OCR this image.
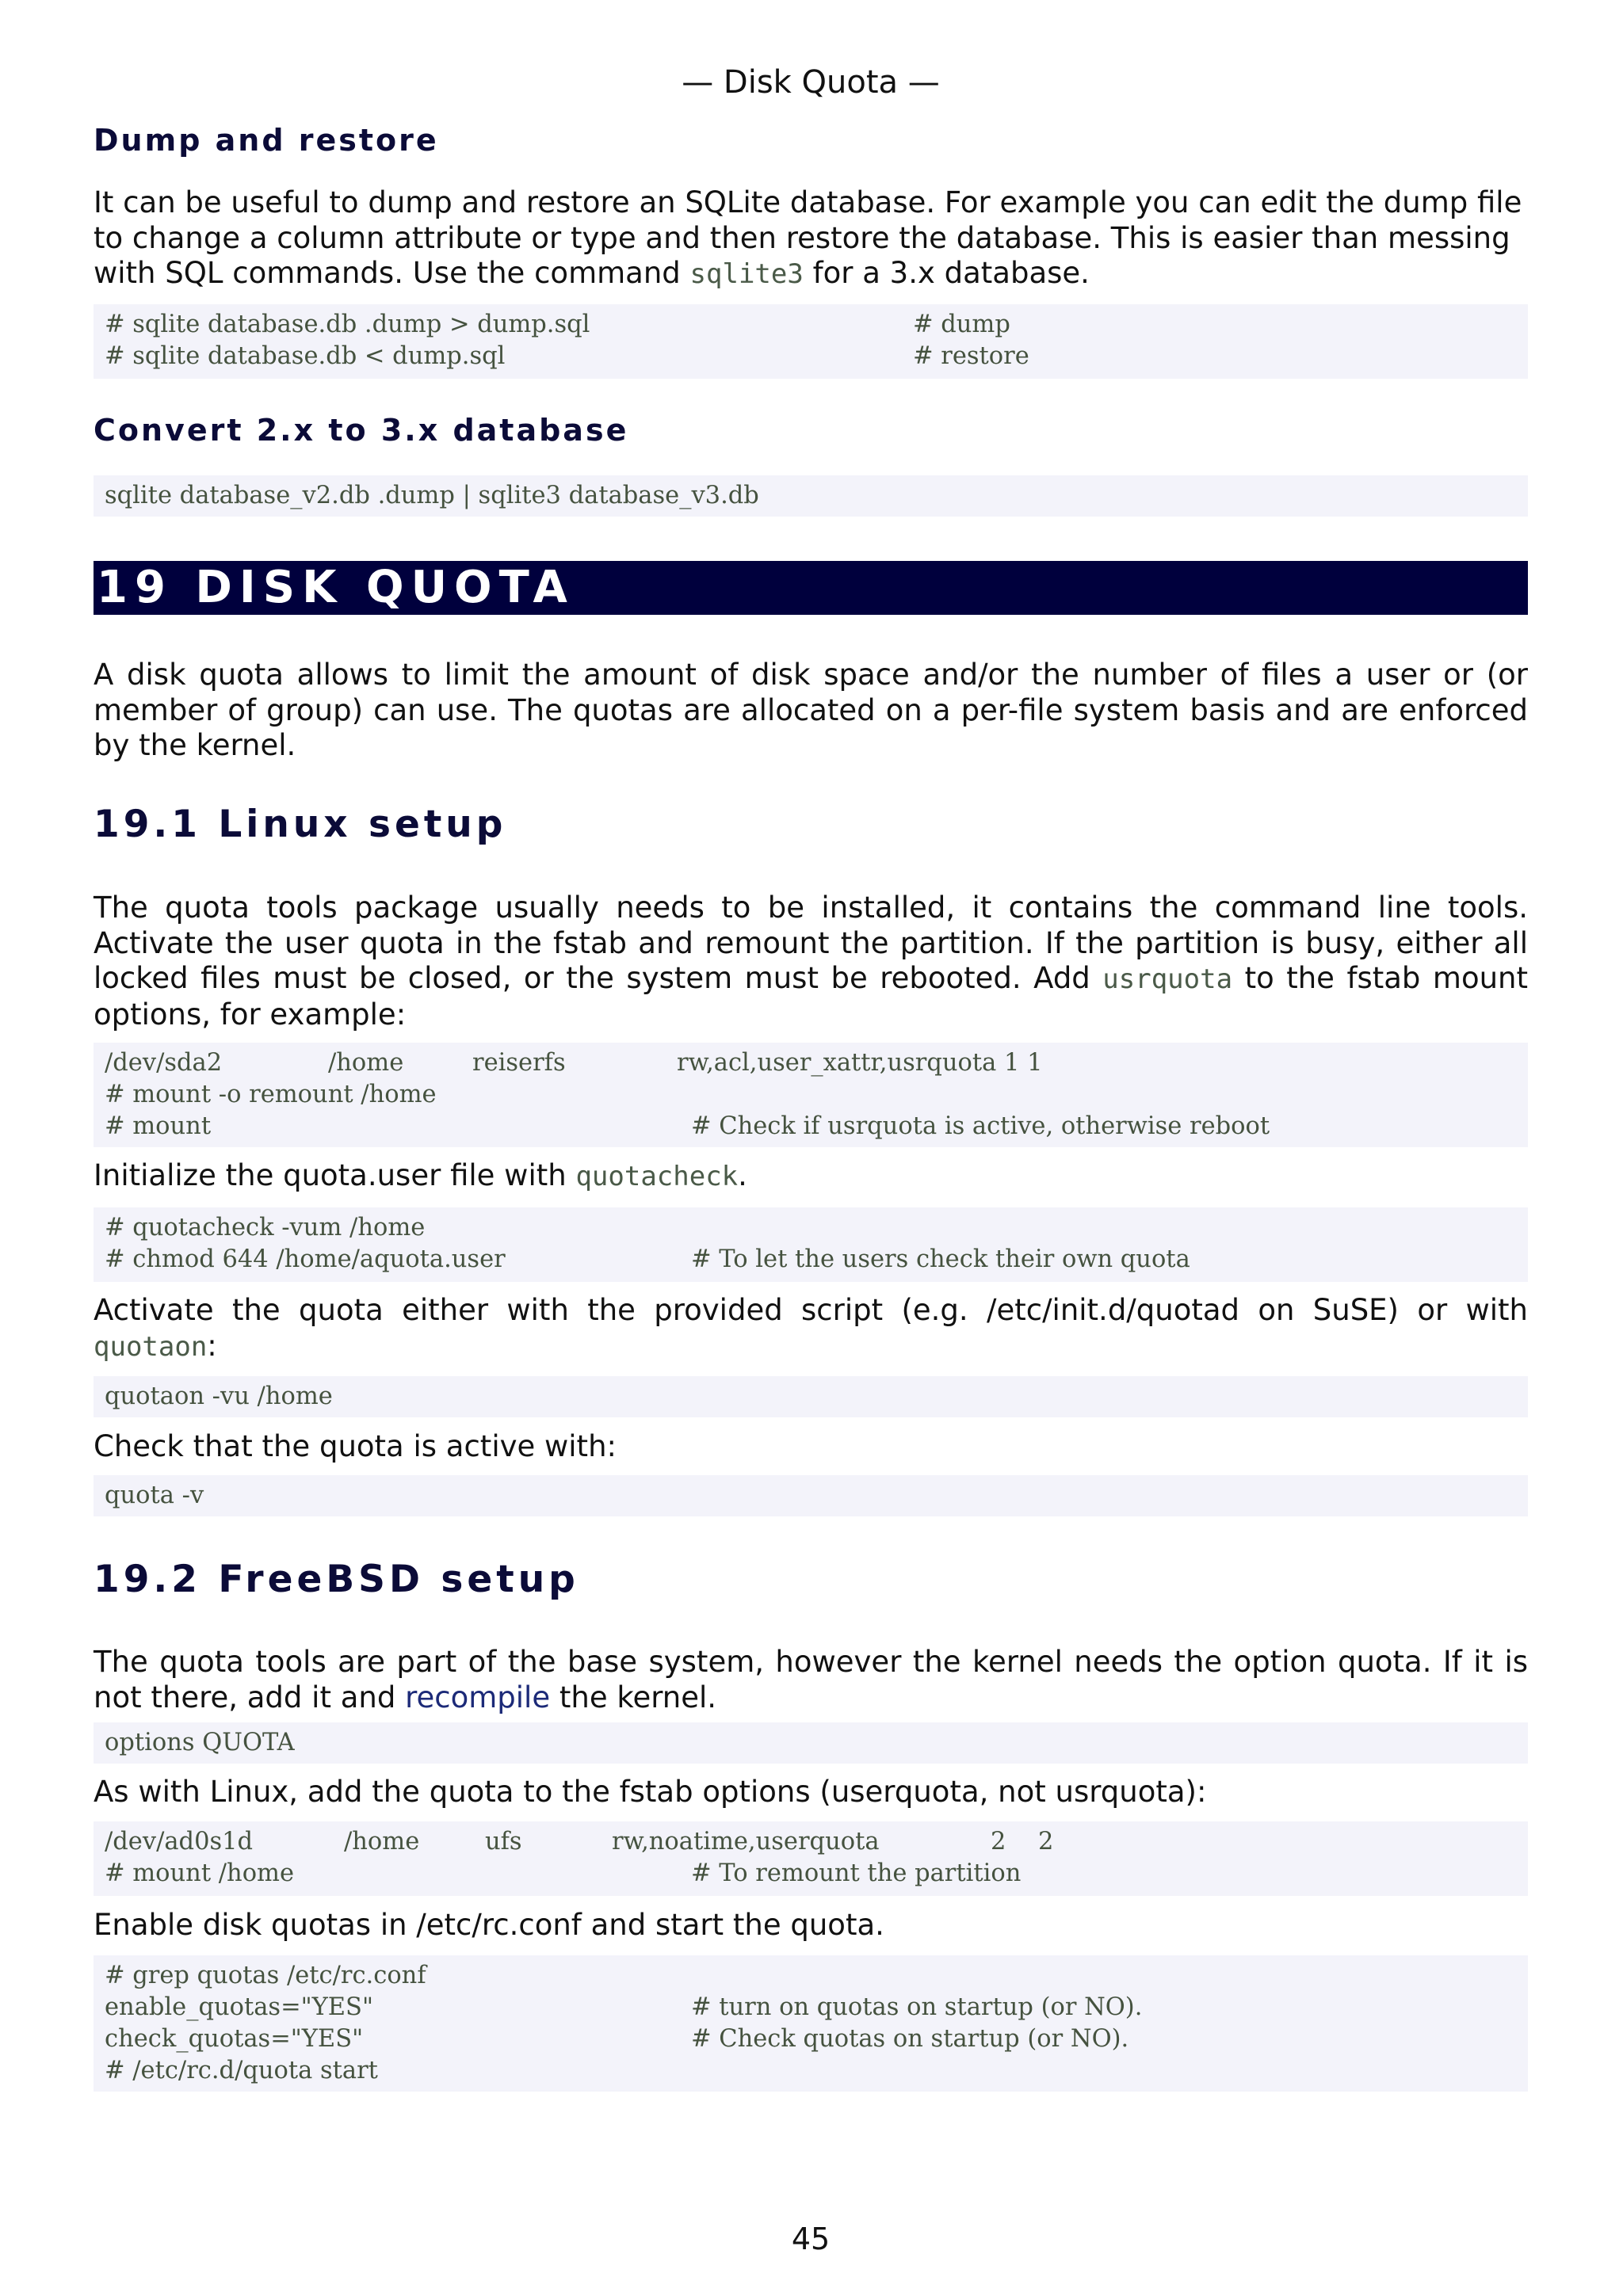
— Disk Quota —
Dump and restore

It can be useful to dump and restore an SQLite database. For example you can edit the dump file to change a column attribute or type and then restore the database. This is easier than messing with SQL commands. Use the command sqlite3 for a 3.x database.

# sqlite database.db .dump > dump.sql	# dump
# sqlite database.db < dump.sql	# restore
Convert 2.x to 3.x database
sqlite database_v2.db .dump | sqlite3 database_v3.db
19 DISK QUOTA

A disk quota allows to limit the amount of disk space and/or the number of files a user or (or member of group) can use. The quotas are allocated on a per-file system basis and are enforced by the kernel.

19.1 Linux setup

The quota tools package usually needs to be installed, it contains the command line tools. Activate the user quota in the fstab and remount the partition. If the partition is busy, either all locked files must be closed, or the system must be rebooted. Add usrquota to the fstab mount options, for example:

/dev/sda2	/home	reiserfs	rw,acl,user_xattr,usrquota 1 1
# mount -o remount /home
# mount	# Check if usrquota is active, otherwise reboot

Initialize the quota.user file with quotacheck.

# quotacheck -vum /home
# chmod 644 /home/aquota.user	# To let the users check their own quota

Activate the quota either with the provided script (e.g. /etc/init.d/quotad on SuSE) or with quotaon:

quotaon -vu /home

Check that the quota is active with:

quota -v
19.2 FreeBSD setup

The quota tools are part of the base system, however the kernel needs the option quota. If it is not there, add it and recompile the kernel.

options QUOTA

As with Linux, add the quota to the fstab options (userquota, not usrquota):

/dev/ad0s1d	/home	ufs	rw,noatime,userquota	2 2
# mount /home	# To remount the partition

Enable disk quotas in /etc/rc.conf and start the quota.

# grep quotas /etc/rc.conf
enable_quotas="YES"	# turn on quotas on startup (or NO).
check_quotas="YES"	# Check quotas on startup (or NO).
# /etc/rc.d/quota start
45
